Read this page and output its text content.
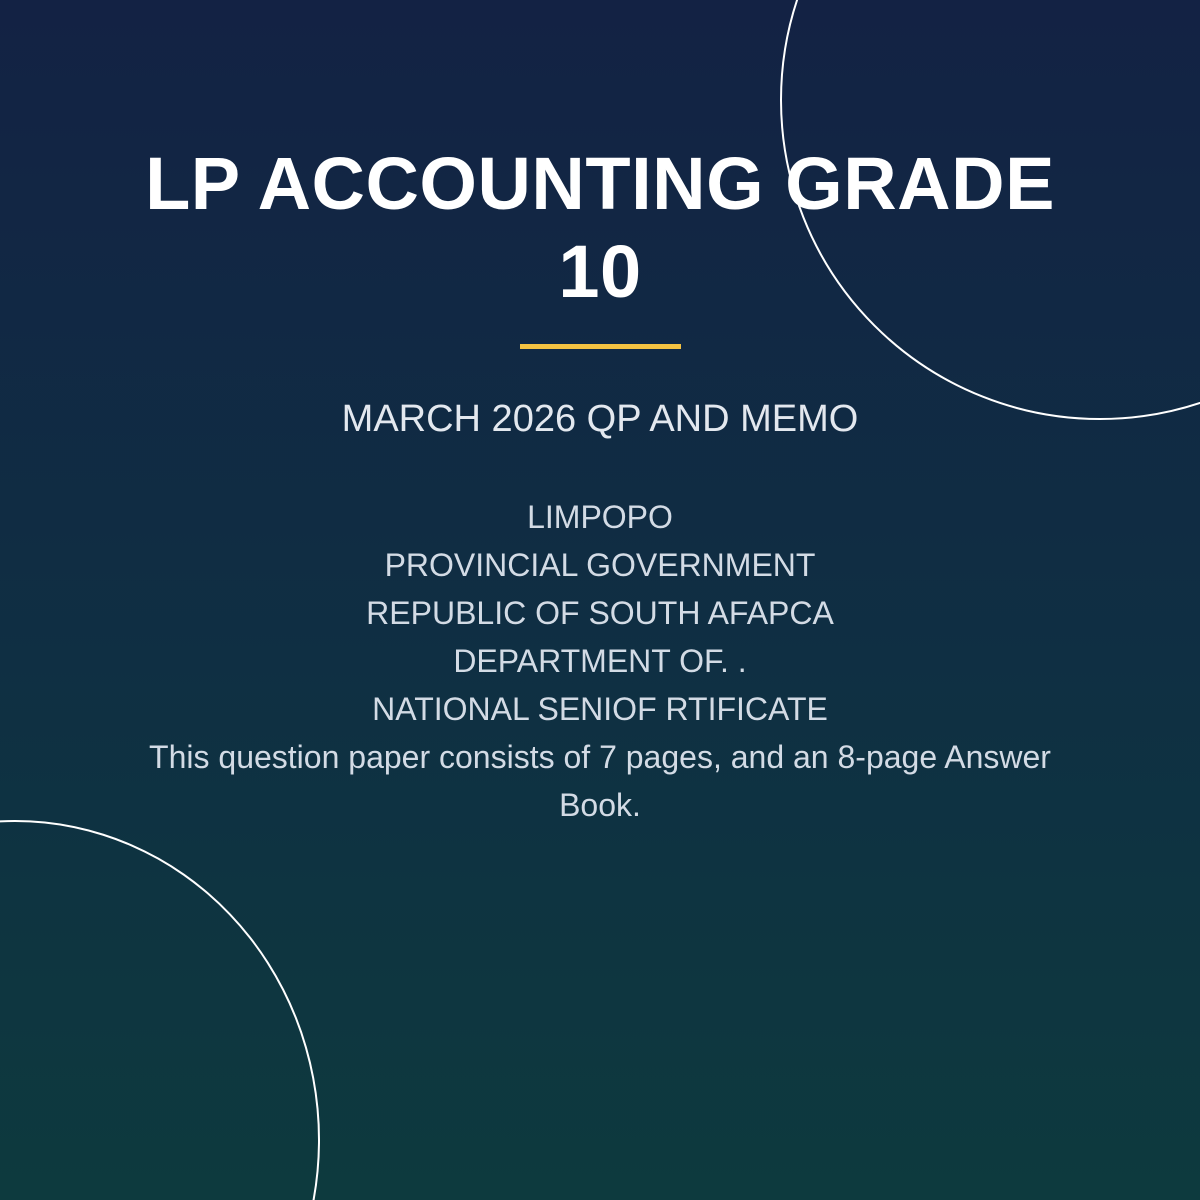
LP ACCOUNTING GRADE 10
MARCH 2026 QP AND MEMO
LIMPOPO
PROVINCIAL GOVERNMENT
REPUBLIC OF SOUTH AFAPCA
DEPARTMENT OF. .
NATIONAL SENIOF RTIFICATE
This question paper consists of 7 pages, and an 8-page Answer Book.
